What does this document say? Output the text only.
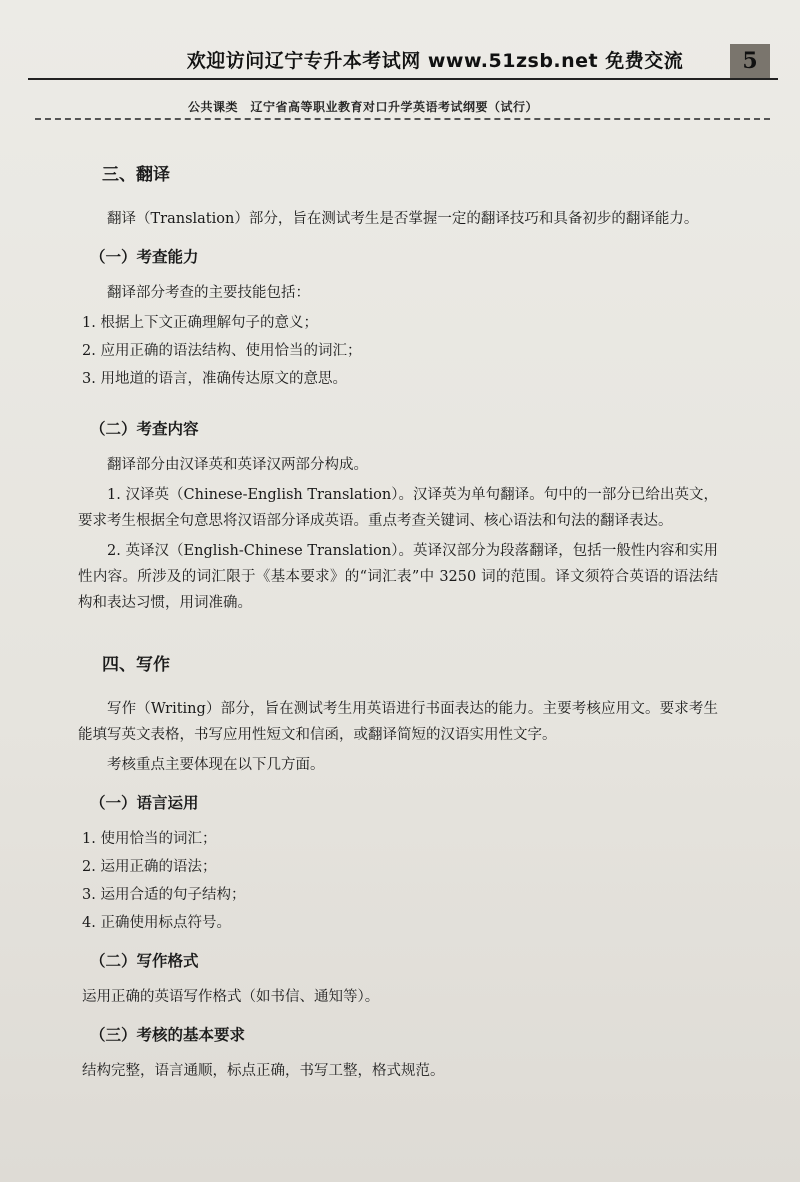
欢迎访问辽宁专升本考试网 www.51zsb.net 免费交流	5
公共课类　辽宁省高等职业教育对口升学英语考试纲要（试行）
三、翻译

翻译（Translation）部分，旨在测试考生是否掌握一定的翻译技巧和具备初步的翻译能力。

（一）考查能力

翻译部分考查的主要技能包括：

1. 根据上下文正确理解句子的意义；
2. 应用正确的语法结构、使用恰当的词汇；
3. 用地道的语言，准确传达原文的意思。
（二）考查内容

翻译部分由汉译英和英译汉两部分构成。

1. 汉译英（Chinese-English Translation）。汉译英为单句翻译。句中的一部分已给出英文，要求考生根据全句意思将汉语部分译成英语。重点考查关键词、核心语法和句法的翻译表达。

2. 英译汉（English-Chinese Translation）。英译汉部分为段落翻译，包括一般性内容和实用性内容。所涉及的词汇限于《基本要求》的“词汇表”中 3250 词的范围。译文须符合英语的语法结构和表达习惯，用词准确。

四、写作

写作（Writing）部分，旨在测试考生用英语进行书面表达的能力。主要考核应用文。要求考生能填写英文表格，书写应用性短文和信函，或翻译简短的汉语实用性文字。

考核重点主要体现在以下几方面。

（一）语言运用
1. 使用恰当的词汇；
2. 运用正确的语法；
3. 运用合适的句子结构；
4. 正确使用标点符号。
（二）写作格式
运用正确的英语写作格式（如书信、通知等）。
（三）考核的基本要求
结构完整，语言通顺，标点正确，书写工整，格式规范。
